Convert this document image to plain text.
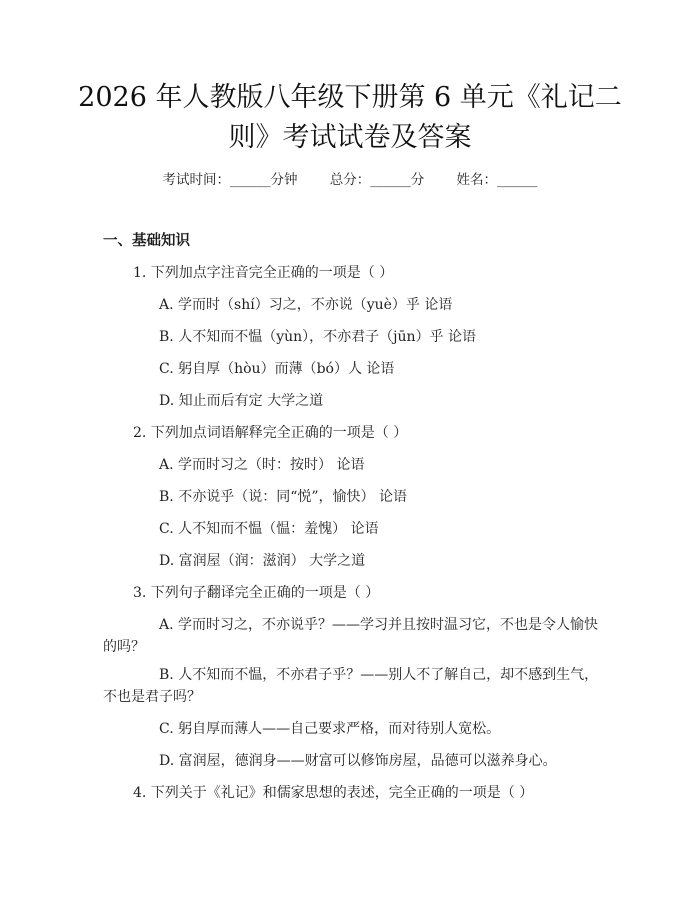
2026 年人教版八年级下册第 6 单元《礼记二
则》考试试卷及答案
考试时间：______分钟 总分：______分 姓名：______
一、基础知识
1. 下列加点字注音完全正确的一项是（ ）
A. 学而时（shí）习之，不亦说（yuè）乎 论语
B. 人不知而不愠（yùn），不亦君子（jūn）乎 论语
C. 躬自厚（hòu）而薄（bó）人 论语
D. 知止而后有定 大学之道
2. 下列加点词语解释完全正确的一项是（ ）
A. 学而时习之（时：按时） 论语
B. 不亦说乎（说：同“悦”，愉快） 论语
C. 人不知而不愠（愠：羞愧） 论语
D. 富润屋（润：滋润） 大学之道
3. 下列句子翻译完全正确的一项是（ ）
A. 学而时习之，不亦说乎？——学习并且按时温习它，不也是令人愉快
的吗？
B. 人不知而不愠，不亦君子乎？——别人不了解自己，却不感到生气，
不也是君子吗？
C. 躬自厚而薄人——自己要求严格，而对待别人宽松。
D. 富润屋，德润身——财富可以修饰房屋，品德可以滋养身心。
4. 下列关于《礼记》和儒家思想的表述，完全正确的一项是（ ）
